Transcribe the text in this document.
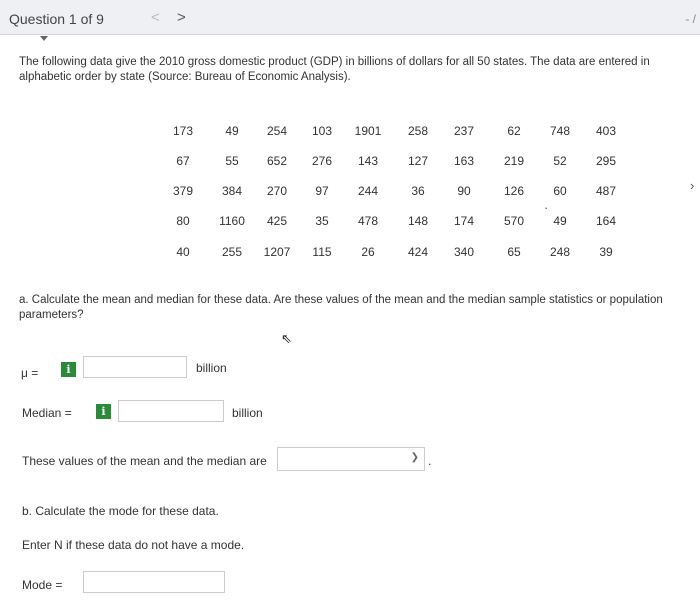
Question 1 of 9	< >	- /
The following data give the 2010 gross domestic product (GDP) in billions of dollars for all 50 states. The data are entered in alphabetic order by state (Source: Bureau of Economic Analysis).
173	49 254 103 1901 258 237	62 748 403
67	55 652 276 143 127 163 219 52 295
379 384 270 97 244	36	90	126 60 487
80 1160 425 35 478 148 174 570 49 164
40	255 1207 115 26	424 340	65 248 39
a. Calculate the mean and median for these data. Are these values of the mean and the median sample statistics or population parameters?
⇖
μ =	i	billion
Median =	i	billion
These values of the mean and the median are	❯ .
b. Calculate the mode for these data.
Enter N if these data do not have a mode.
Mode =
›
·
